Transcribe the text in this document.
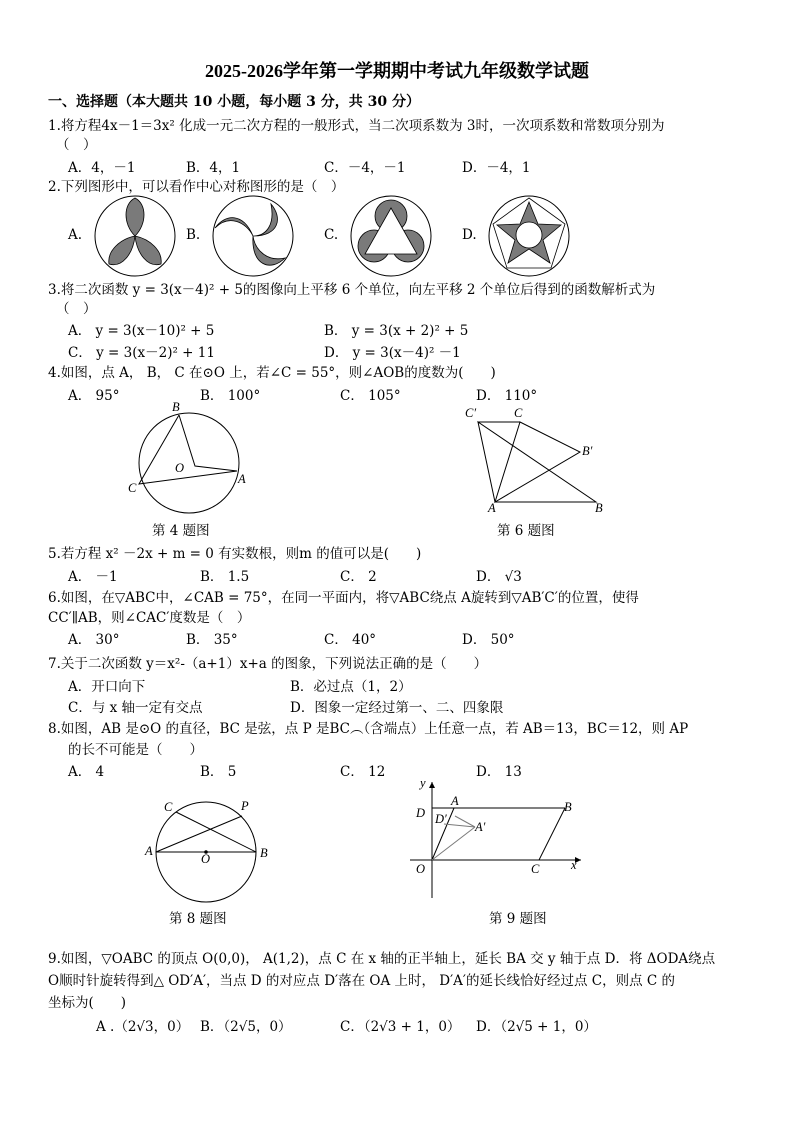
2025-2026学年第一学期期中考试九年级数学试题
一、选择题（本大题共 10 小题，每小题 3 分，共 30 分）
1.将方程4x－1＝3x² 化成一元二次方程的一般形式，当二次项系数为 3时，一次项系数和常数项分别为
（　）
A．4，－1	B．4，1	C．－4，－1	D．－4，1
2.下列图形中，可以看作中心对称图形的是（　）
A.	B.	C.	D.
3.将二次函数 y = 3(x－4)² + 5的图像向上平移 6 个单位，向左平移 2 个单位后得到的函数解析式为
（　）
A． y = 3(x－10)² + 5	B． y = 3(x + 2)² + 5
C． y = 3(x－2)² + 11	D． y = 3(x－4)² －1
4.如图，点 A， B， C 在⊙O 上，若∠C = 55°，则∠AOB的度数为(　　)
A． 95°	B． 100°	C． 105°	D． 110°
B
O
C
A
第 4 题图
C′	C
B′
A	B
第 6 题图
5.若方程 x² －2x + m = 0 有实数根，则m 的值可以是(　　)
A． －1	B． 1.5	C． 2	D． √3
6.如图，在▽ABC中，∠CAB = 75°，在同一平面内，将▽ABC绕点 A旋转到▽AB′C′的位置，使得
CC′∥AB，则∠CAC′度数是（　）
A． 30°	B． 35°	C． 40°	D． 50°
7.关于二次函数 y＝x²-（a+1）x+a 的图象，下列说法正确的是（　　）
A．开口向下	B．必过点（1，2）
C．与 x 轴一定有交点	D．图象一定经过第一、二、四象限
8.如图，AB 是⊙O 的直径，BC 是弦，点 P 是BC︵（含端点）上任意一点，若 AB＝13，BC＝12，则 AP
的长不可能是（　　）
A． 4	B． 5	C． 12	D． 13
C	P
A
O	B
第 8 题图
y
D
A	B
D′
A′
O	C	x
第 9 题图
9.如图，▽OABC 的顶点 O(0,0)， A(1,2)，点 C 在 x 轴的正半轴上，延长 BA 交 y 轴于点 D．将 ΔODA绕点
O顺时针旋转得到△ OD′A′，当点 D 的对应点 D′落在 OA 上时， D′A′的延长线恰好经过点 C，则点 C 的
坐标为(　　)
A .（2√3，0） B．（2√5，0）	C．（2√3 + 1，0） D．（2√5 + 1，0）
